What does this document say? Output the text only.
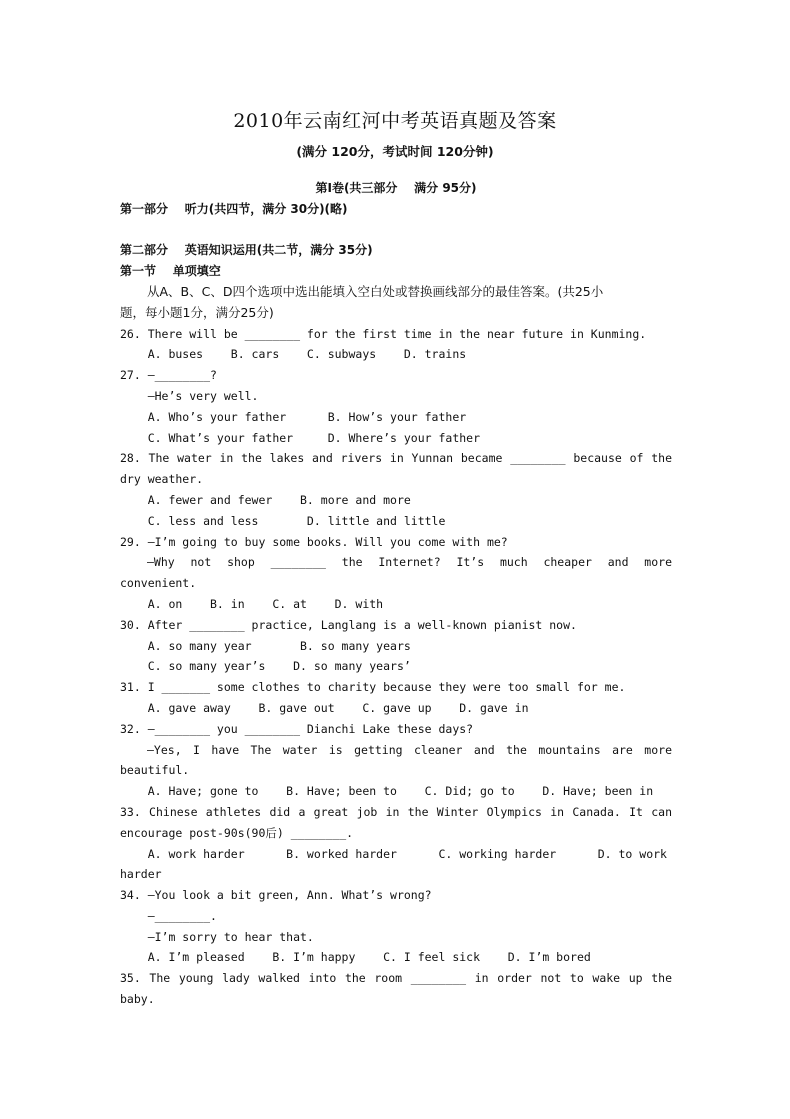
2010年云南红河中考英语真题及答案
(满分 120分，考试时间 120分钟)
第Ⅰ卷(共三部分    满分 95分)
第一部分    听力(共四节，满分 30分)(略)
第二部分    英语知识运用(共二节，满分 35分)
第一节    单项填空
从A、B、C、D四个选项中选出能填入空白处或替换画线部分的最佳答案。(共25小
题，每小题1分，满分25分)
26. There will be ________ for the first time in the near future in Kunming.
A. buses    B. cars    C. subways    D. trains
27. —________?
—He’s very well.
A. Who’s your father      B. How’s your father
C. What’s your father     D. Where’s your father
28. The water in the lakes and rivers in Yunnan became ________ because of the
dry weather.
A. fewer and fewer    B. more and more
C. less and less       D. little and little
29. —I’m going to buy some books. Will you come with me?
—Why not shop ________ the Internet? It’s much cheaper and more
convenient.
A. on    B. in    C. at    D. with
30. After ________ practice, Langlang is a well-known pianist now.
A. so many year       B. so many years
C. so many year’s    D. so many years’
31. I _______ some clothes to charity because they were too small for me.
A. gave away    B. gave out    C. gave up    D. gave in
32. —________ you ________ Dianchi Lake these days?
—Yes, I have The water is getting cleaner and the mountains are more
beautiful.
A. Have; gone to    B. Have; been to    C. Did; go to    D. Have; been in
33. Chinese athletes did a great job in the Winter Olympics in Canada. It can
encourage post-90s(90后) ________.
A. work harder      B. worked harder      C. working harder      D. to work
harder
34. —You look a bit green, Ann. What’s wrong?
—________.
—I’m sorry to hear that.
A. I’m pleased    B. I’m happy    C. I feel sick    D. I’m bored
35. The young lady walked into the room ________ in order not to wake up the
baby.
